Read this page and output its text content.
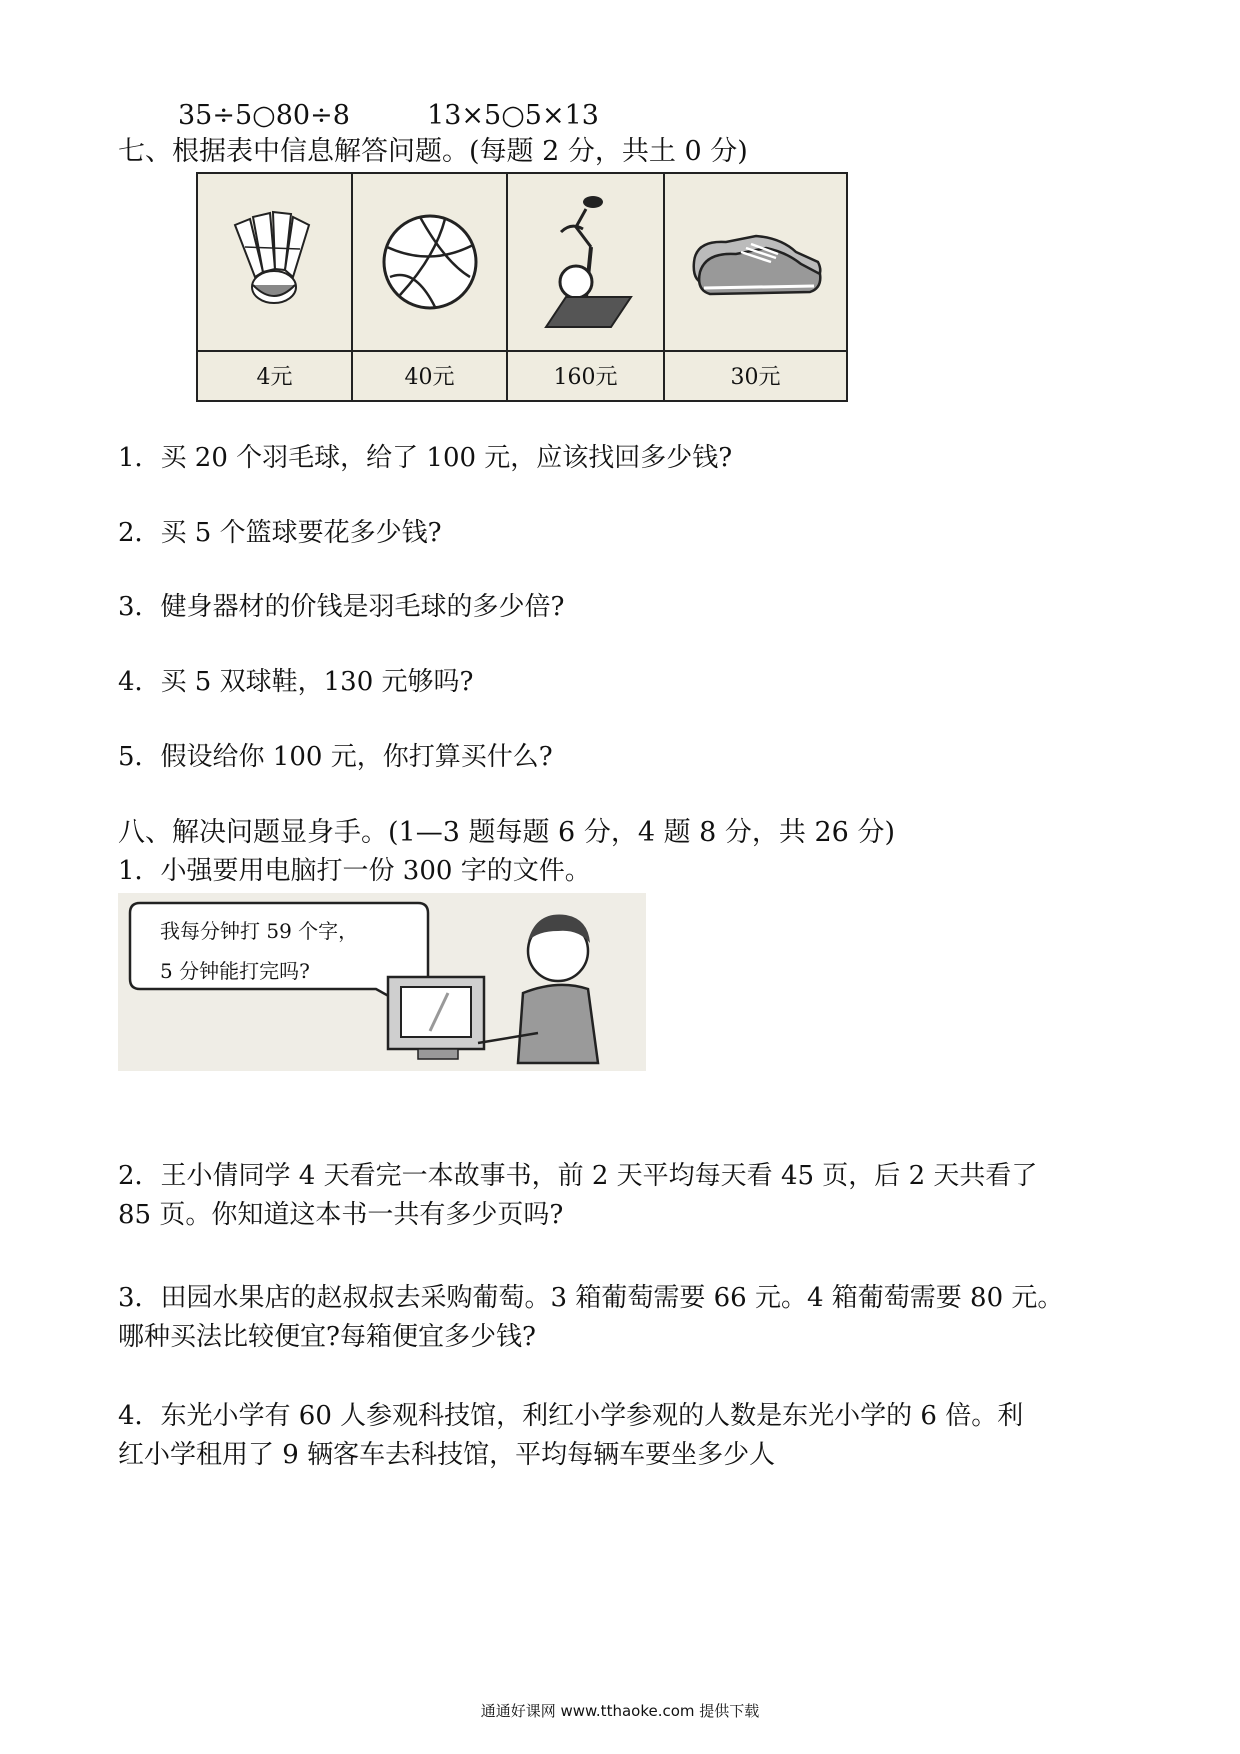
35÷5○80÷8	13×5○5×13
七、根据表中信息解答问题。(每题 2 分，共土 0 分)
4元	40元	160元	30元
1．买 20 个羽毛球，给了 100 元，应该找回多少钱?
2．买 5 个篮球要花多少钱?
3．健身器材的价钱是羽毛球的多少倍?
4．买 5 双球鞋，130 元够吗?
5．假设给你 100 元，你打算买什么?
八、解决问题显身手。(1—3 题每题 6 分，4 题 8 分，共 26 分)
1．小强要用电脑打一份 300 字的文件。
我每分钟打 59 个字，
5 分钟能打完吗?
2．王小倩同学 4 天看完一本故事书，前 2 天平均每天看 45 页，后 2 天共看了
85 页。你知道这本书一共有多少页吗?
3．田园水果店的赵叔叔去采购葡萄。3 箱葡萄需要 66 元。4 箱葡萄需要 80 元。
哪种买法比较便宜?每箱便宜多少钱?
4．东光小学有 60 人参观科技馆，利红小学参观的人数是东光小学的 6 倍。利
红小学租用了 9 辆客车去科技馆，平均每辆车要坐多少人
通通好课网 www.tthaoke.com 提供下载
